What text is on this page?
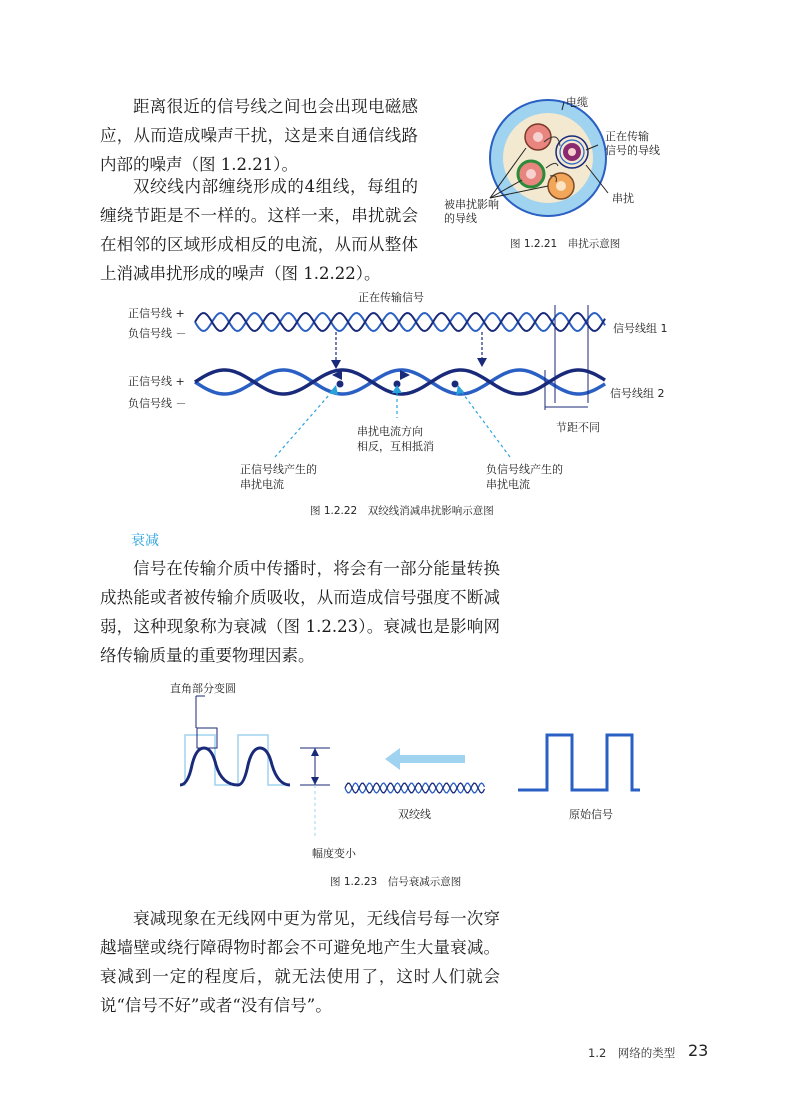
距离很近的信号线之间也会出现电磁感应，从而造成噪声干扰，这是来自通信线路内部的噪声（图 1.2.21）。
双绞线内部缠绕形成的4组线，每组的缠绕节距是不一样的。这样一来，串扰就会在相邻的区域形成相反的电流，从而从整体上消减串扰形成的噪声（图 1.2.22）。
电缆
正在传输
信号的导线
串扰
被串扰影响
的导线
图 1.2.21　串扰示意图
正在传输信号
正信号线 +
负信号线 －
正信号线 +
负信号线 －
信号线组 1
信号线组 2
节距不同
串扰电流方向
相反，互相抵消
正信号线产生的
串扰电流
负信号线产生的
串扰电流
图 1.2.22　双绞线消减串扰影响示意图
衰减
信号在传输介质中传播时，将会有一部分能量转换成热能或者被传输介质吸收，从而造成信号强度不断减弱，这种现象称为衰减（图 1.2.23）。衰减也是影响网络传输质量的重要物理因素。
直角部分变圆
双绞线	原始信号
幅度变小
图 1.2.23　信号衰减示意图
衰减现象在无线网中更为常见，无线信号每一次穿越墙壁或绕行障碍物时都会不可避免地产生大量衰减。衰减到一定的程度后，就无法使用了，这时人们就会说“信号不好”或者“没有信号”。
1.2　网络的类型 23
